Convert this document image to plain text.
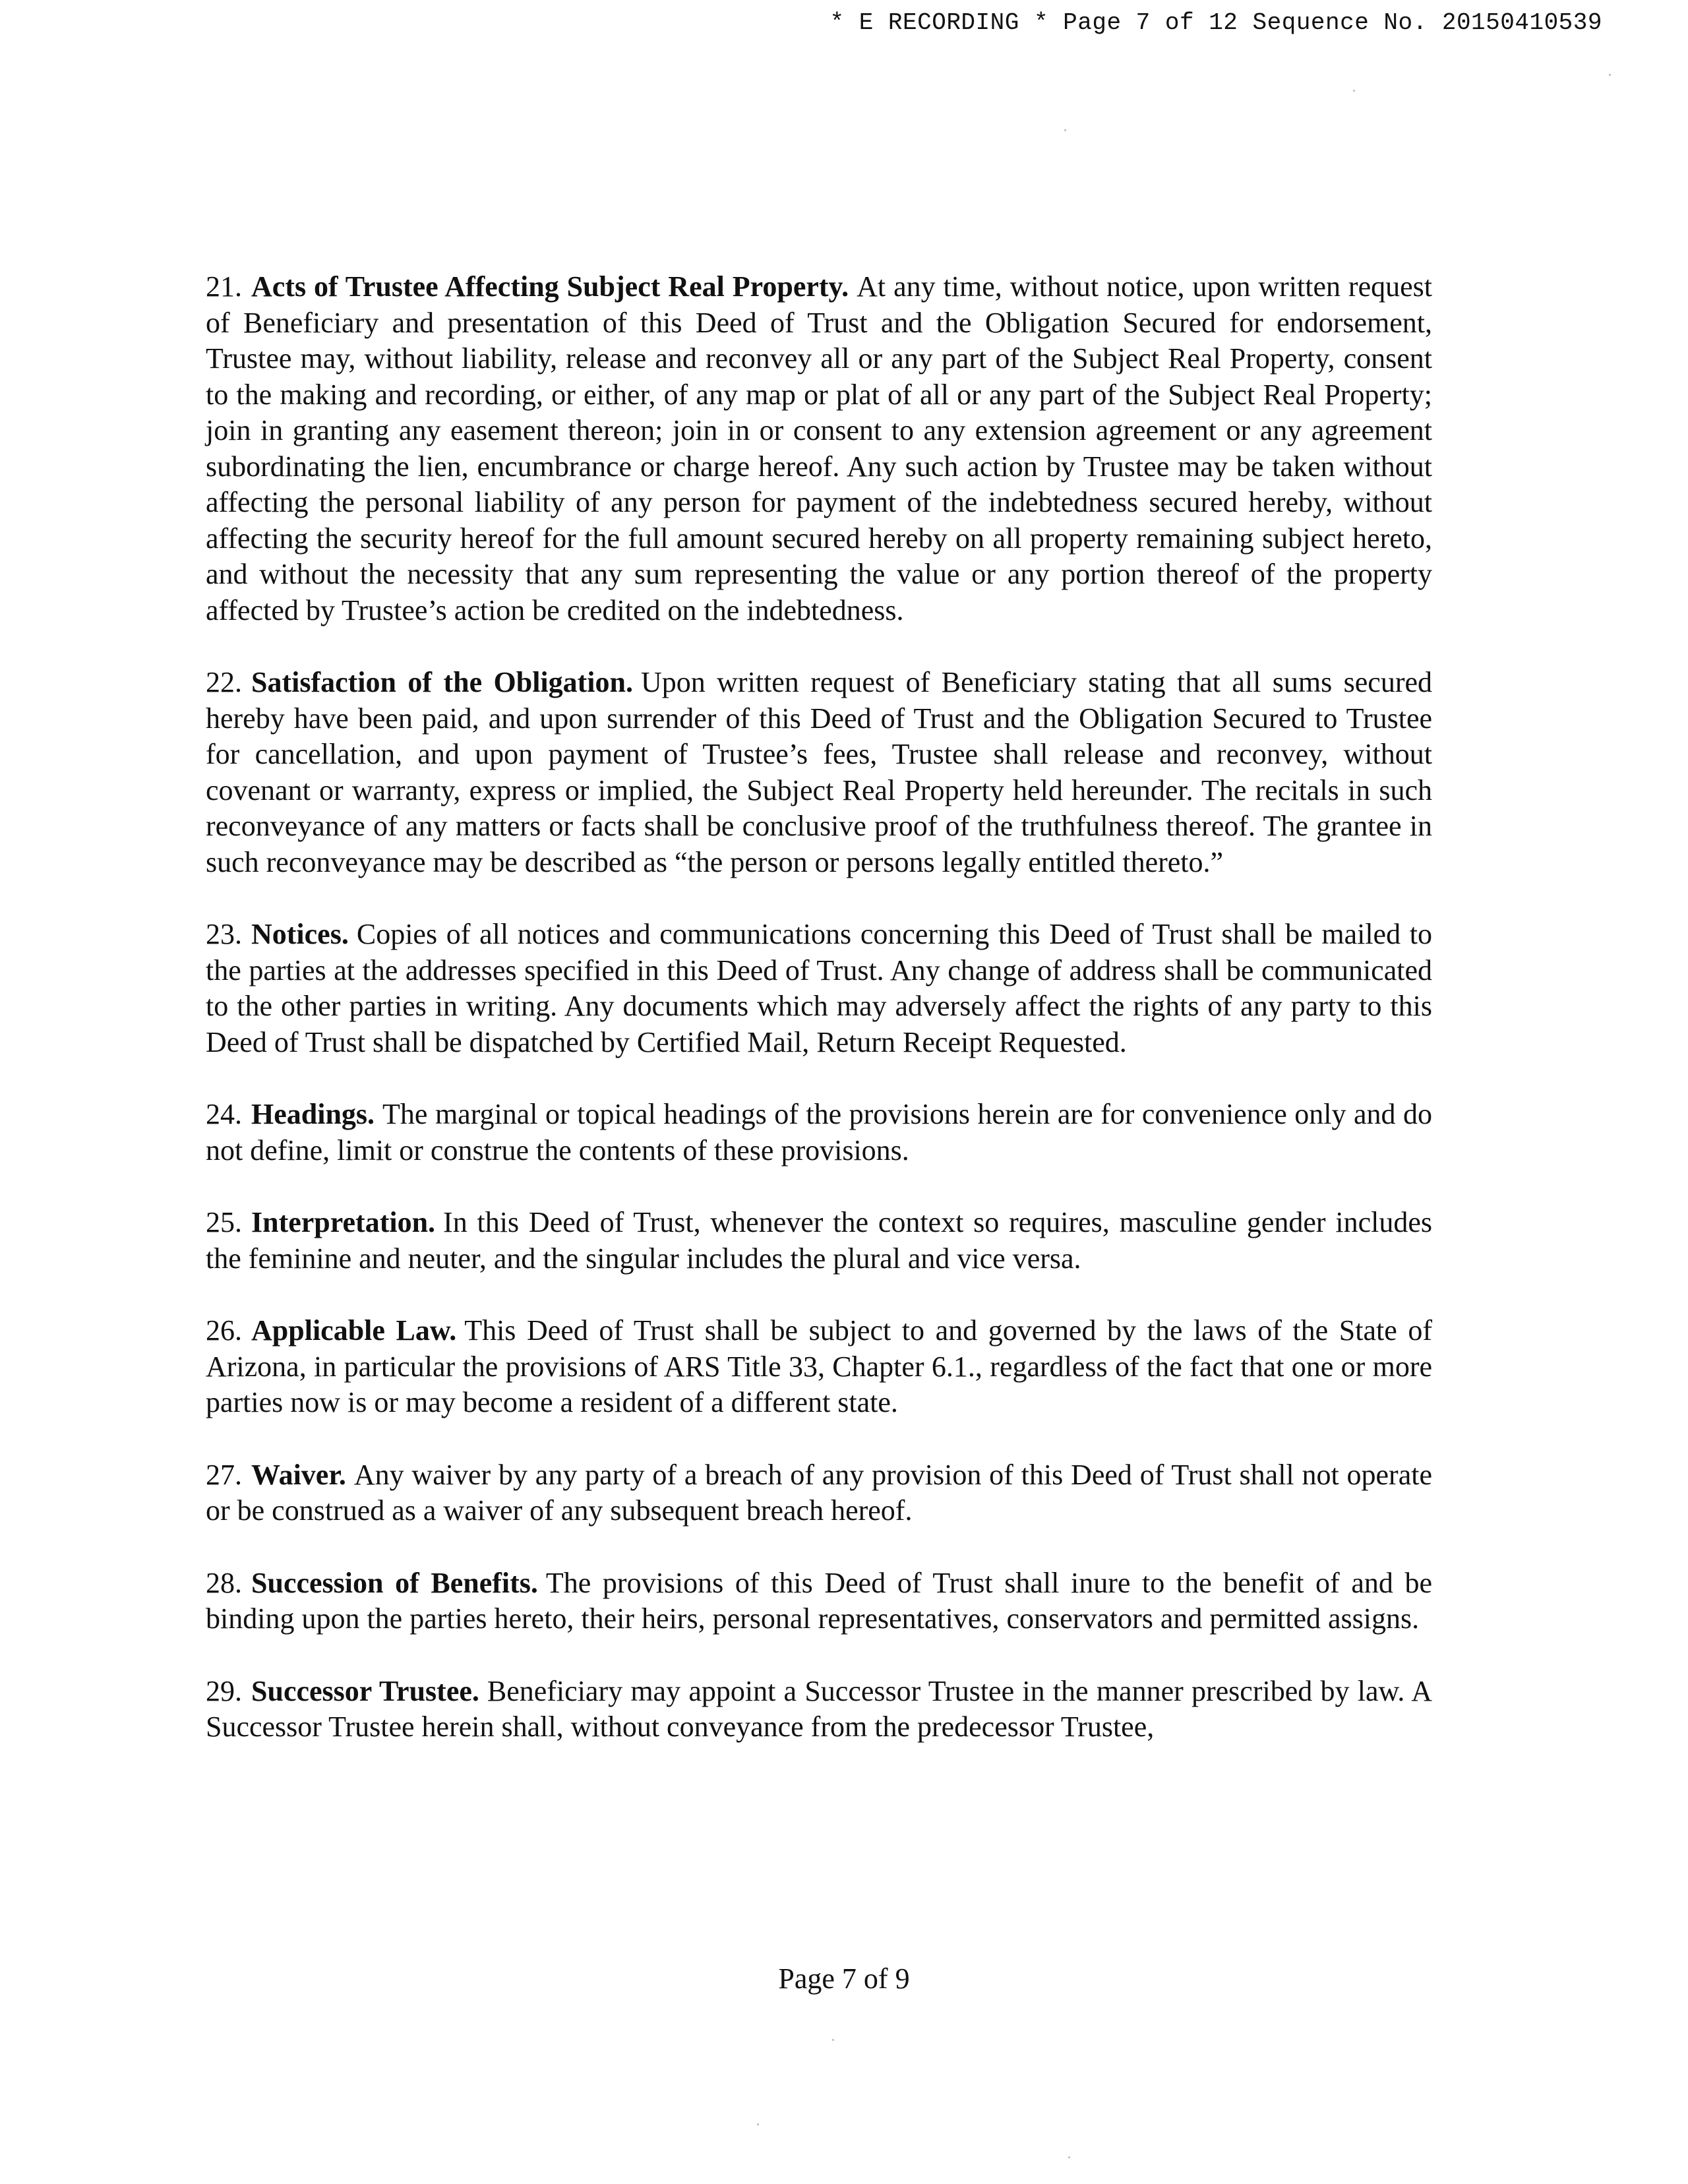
* E RECORDING * Page 7 of 12 Sequence No. 20150410539

21. Acts of Trustee Affecting Subject Real Property. At any time, without notice, upon written request of Beneficiary and presentation of this Deed of Trust and the Obligation Secured for endorsement, Trustee may, without liability, release and reconvey all or any part of the Subject Real Property, consent to the making and recording, or either, of any map or plat of all or any part of the Subject Real Property; join in granting any easement thereon; join in or consent to any extension agreement or any agreement subordinating the lien, encumbrance or charge hereof. Any such action by Trustee may be taken without affecting the personal liability of any person for payment of the indebtedness secured hereby, without affecting the security hereof for the full amount secured hereby on all property remaining subject hereto, and without the necessity that any sum representing the value or any portion thereof of the property affected by Trustee’s action be credited on the indebtedness.

22. Satisfaction of the Obligation. Upon written request of Beneficiary stating that all sums secured hereby have been paid, and upon surrender of this Deed of Trust and the Obligation Secured to Trustee for cancellation, and upon payment of Trustee’s fees, Trustee shall release and reconvey, without covenant or warranty, express or implied, the Subject Real Property held hereunder. The recitals in such reconveyance of any matters or facts shall be conclusive proof of the truthfulness thereof. The grantee in such reconveyance may be described as “the person or persons legally entitled thereto.”

23. Notices. Copies of all notices and communications concerning this Deed of Trust shall be mailed to the parties at the addresses specified in this Deed of Trust. Any change of address shall be communicated to the other parties in writing. Any documents which may adversely affect the rights of any party to this Deed of Trust shall be dispatched by Certified Mail, Return Receipt Requested.

24. Headings. The marginal or topical headings of the provisions herein are for convenience only and do not define, limit or construe the contents of these provisions.

25. Interpretation. In this Deed of Trust, whenever the context so requires, masculine gender includes the feminine and neuter, and the singular includes the plural and vice versa.

26. Applicable Law. This Deed of Trust shall be subject to and governed by the laws of the State of Arizona, in particular the provisions of ARS Title 33, Chapter 6.1., regardless of the fact that one or more parties now is or may become a resident of a different state.

27. Waiver. Any waiver by any party of a breach of any provision of this Deed of Trust shall not operate or be construed as a waiver of any subsequent breach hereof.

28. Succession of Benefits. The provisions of this Deed of Trust shall inure to the benefit of and be binding upon the parties hereto, their heirs, personal representatives, conservators and permitted assigns.

29. Successor Trustee. Beneficiary may appoint a Successor Trustee in the manner prescribed by law. A Successor Trustee herein shall, without conveyance from the predecessor Trustee,

Page 7 of 9
